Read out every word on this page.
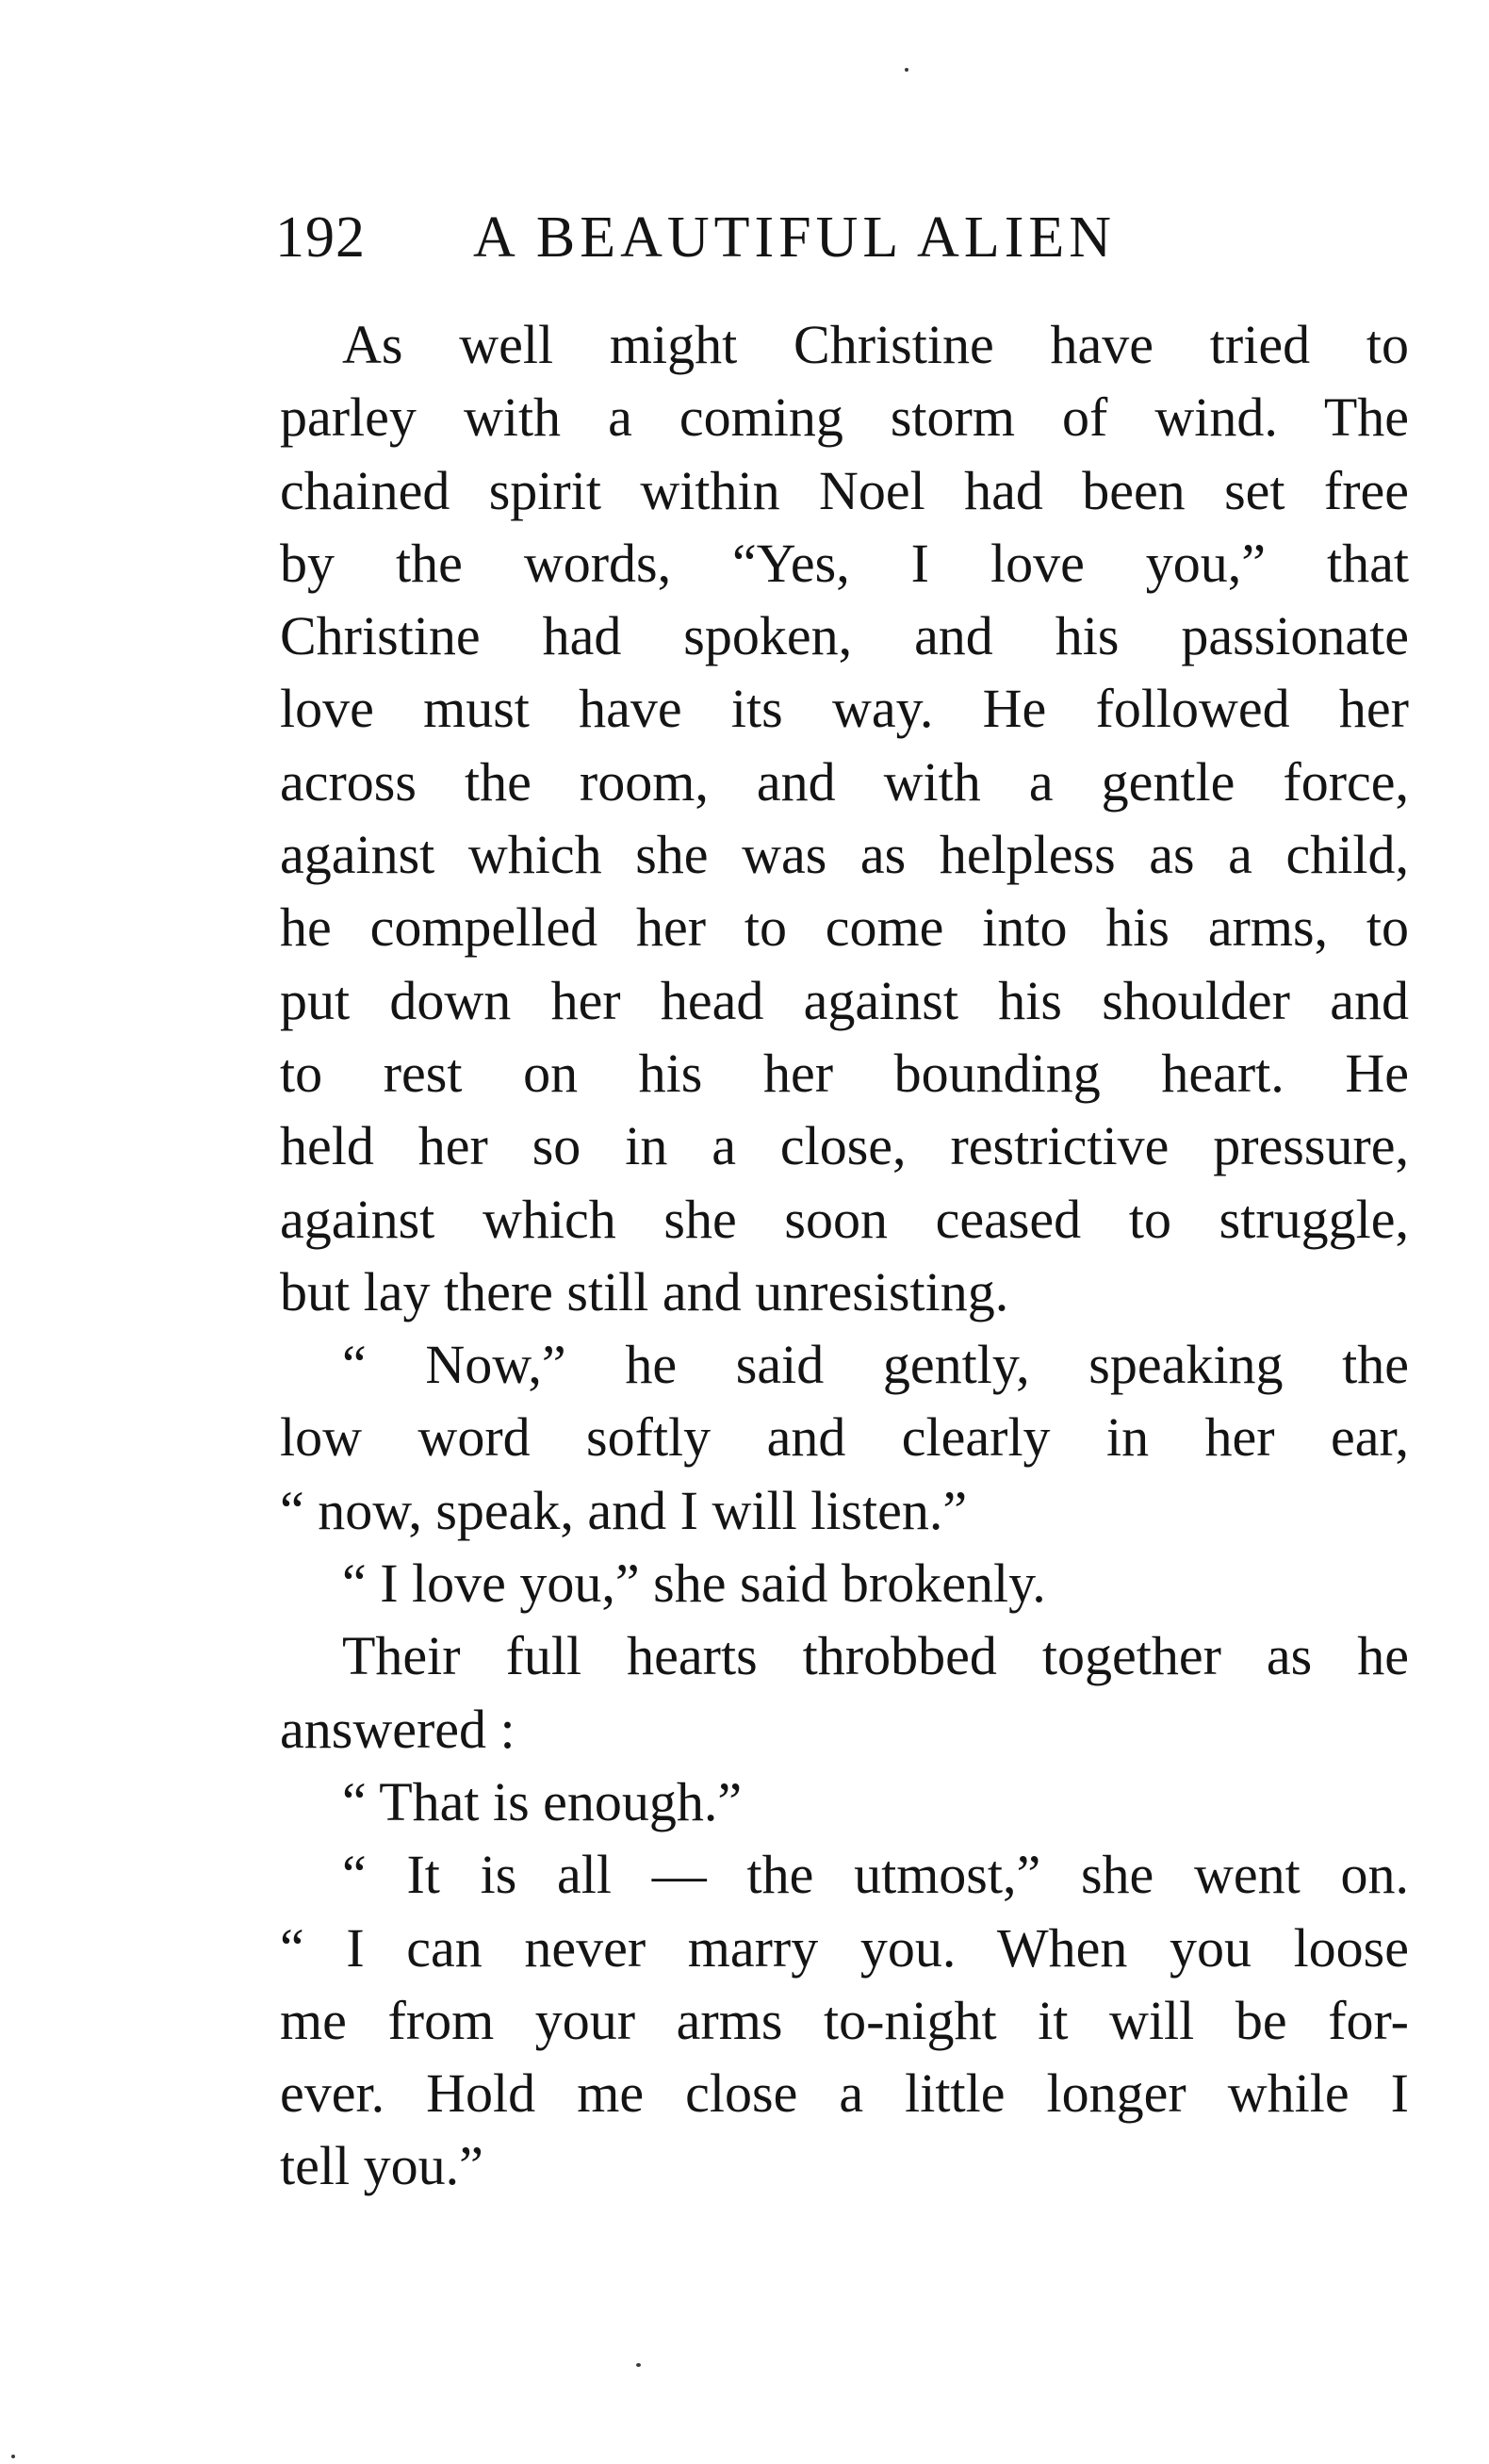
192 A BEAUTIFUL ALIEN
As well might Christine have tried to
parley with a coming storm of wind. The
chained spirit within Noel had been set free
by the words, “Yes, I love you,” that
Christine had spoken, and his passionate
love must have its way. He followed her
across the room, and with a gentle force,
against which she was as helpless as a child,
he compelled her to come into his arms, to
put down her head against his shoulder and
to rest on his her bounding heart. He
held her so in a close, restrictive pressure,
against which she soon ceased to struggle,
but lay there still and unresisting.
“ Now,” he said gently, speaking the
low word softly and clearly in her ear,
“ now, speak, and I will listen.”
“ I love you,” she said brokenly.
Their full hearts throbbed together as he
answered :
“ That is enough.”
“ It is all — the utmost,” she went on.
“ I can never marry you. When you loose
me from your arms to-night it will be for-
ever. Hold me close a little longer while I
tell you.”
